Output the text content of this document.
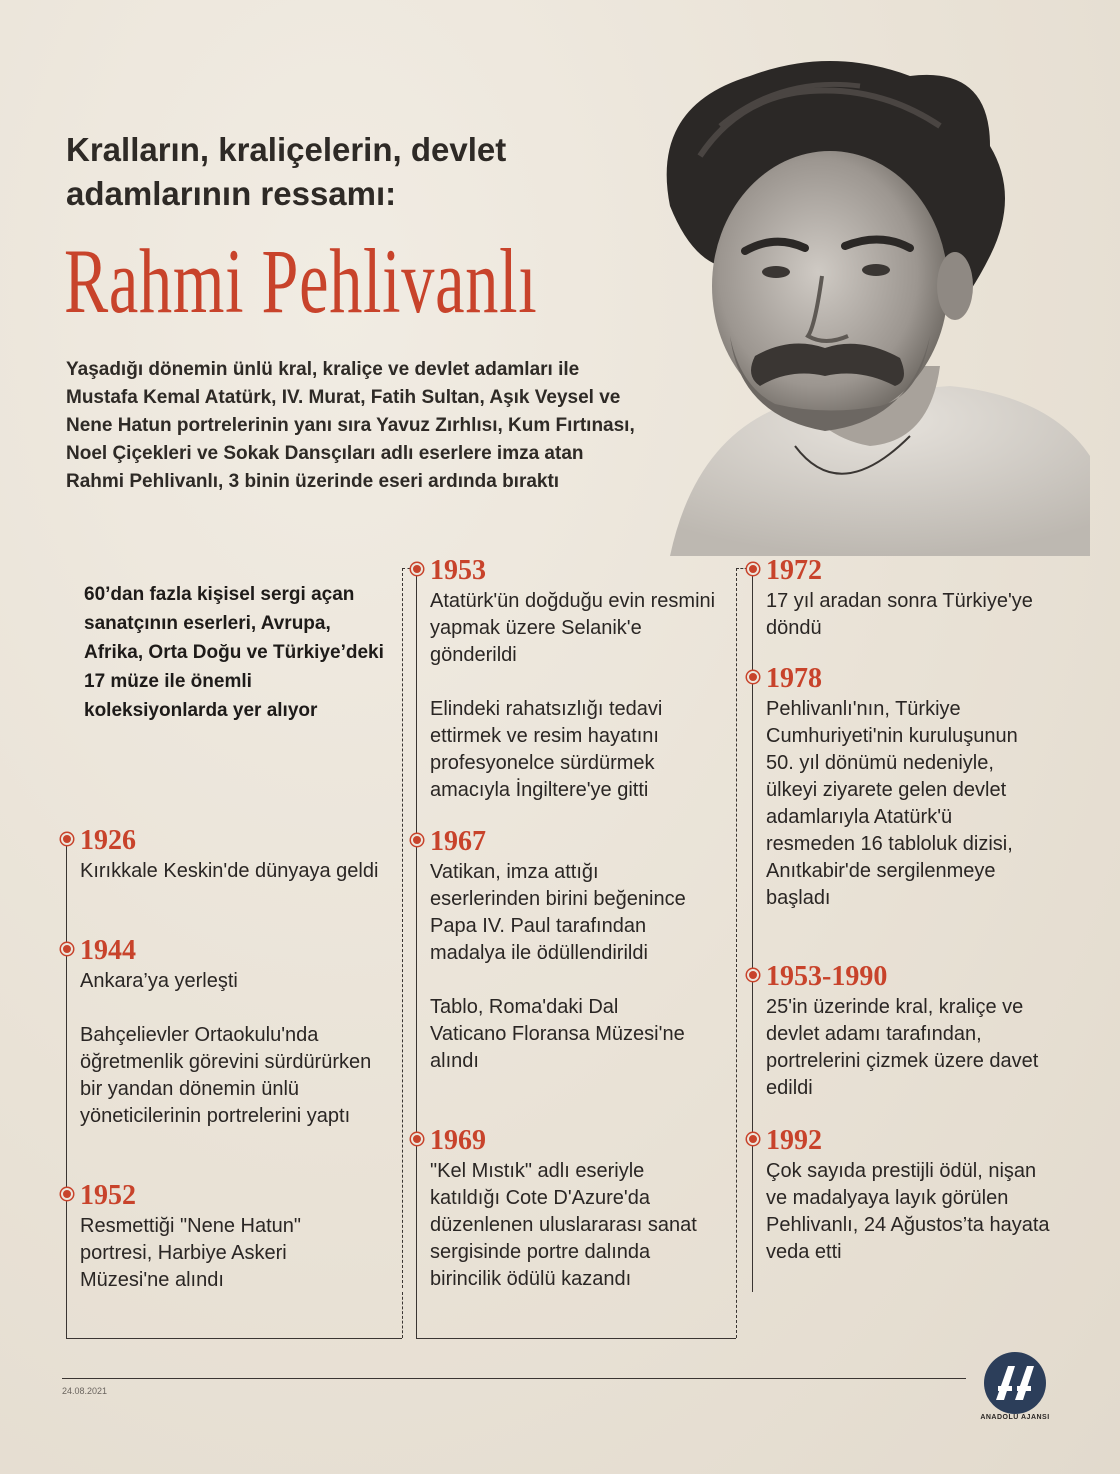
Kralların, kraliçelerin, devlet adamlarının ressamı:
Rahmi Pehlivanlı
Yaşadığı dönemin ünlü kral, kraliçe ve devlet adamları ile Mustafa Kemal Atatürk, IV. Murat, Fatih Sultan, Aşık Veysel ve Nene Hatun portrelerinin yanı sıra Yavuz Zırhlısı, Kum Fırtınası, Noel Çiçekleri ve Sokak Dansçıları adlı eserlere imza atan Rahmi Pehlivanlı, 3 binin üzerinde eseri ardında bıraktı
60’dan fazla kişisel sergi açan sanatçının eserleri, Avrupa, Afrika, Orta Doğu ve Türkiye’deki 17 müze ile önemli koleksiyonlarda yer alıyor
1926
Kırıkkale Keskin'de dünyaya geldi
1944
Ankara’ya yerleşti
Bahçelievler Ortaokulu'nda öğretmenlik görevini sürdürürken bir yandan dönemin ünlü yöneticilerinin portrelerini yaptı
1952
Resmettiği "Nene Hatun" portresi, Harbiye Askeri Müzesi'ne alındı
1953
Atatürk'ün doğduğu evin resmini yapmak üzere Selanik'e gönderildi
Elindeki rahatsızlığı tedavi ettirmek ve resim hayatını profesyonelce sürdürmek amacıyla İngiltere'ye gitti
1967
Vatikan, imza attığı eserlerinden birini beğenince Papa IV. Paul tarafından madalya ile ödüllendirildi
Tablo, Roma'daki Dal Vaticano Floransa Müzesi'ne alındı
1969
"Kel Mıstık" adlı eseriyle katıldığı Cote D'Azure'da düzenlenen uluslararası sanat sergisinde portre dalında birincilik ödülü kazandı
1972
17 yıl aradan sonra Türkiye'ye döndü
1978
Pehlivanlı'nın, Türkiye Cumhuriyeti'nin kuruluşunun 50. yıl dönümü nedeniyle, ülkeyi ziyarete gelen devlet adamlarıyla Atatürk'ü resmeden 16 tabloluk dizisi, Anıtkabir'de sergilenmeye başladı
1953-1990
25'in üzerinde kral, kraliçe ve devlet adamı tarafından, portrelerini çizmek üzere davet edildi
1992
Çok sayıda prestijli ödül, nişan ve madalyaya layık görülen Pehlivanlı, 24 Ağustos’ta hayata veda etti
24.08.2021
ANADOLU AJANSI
